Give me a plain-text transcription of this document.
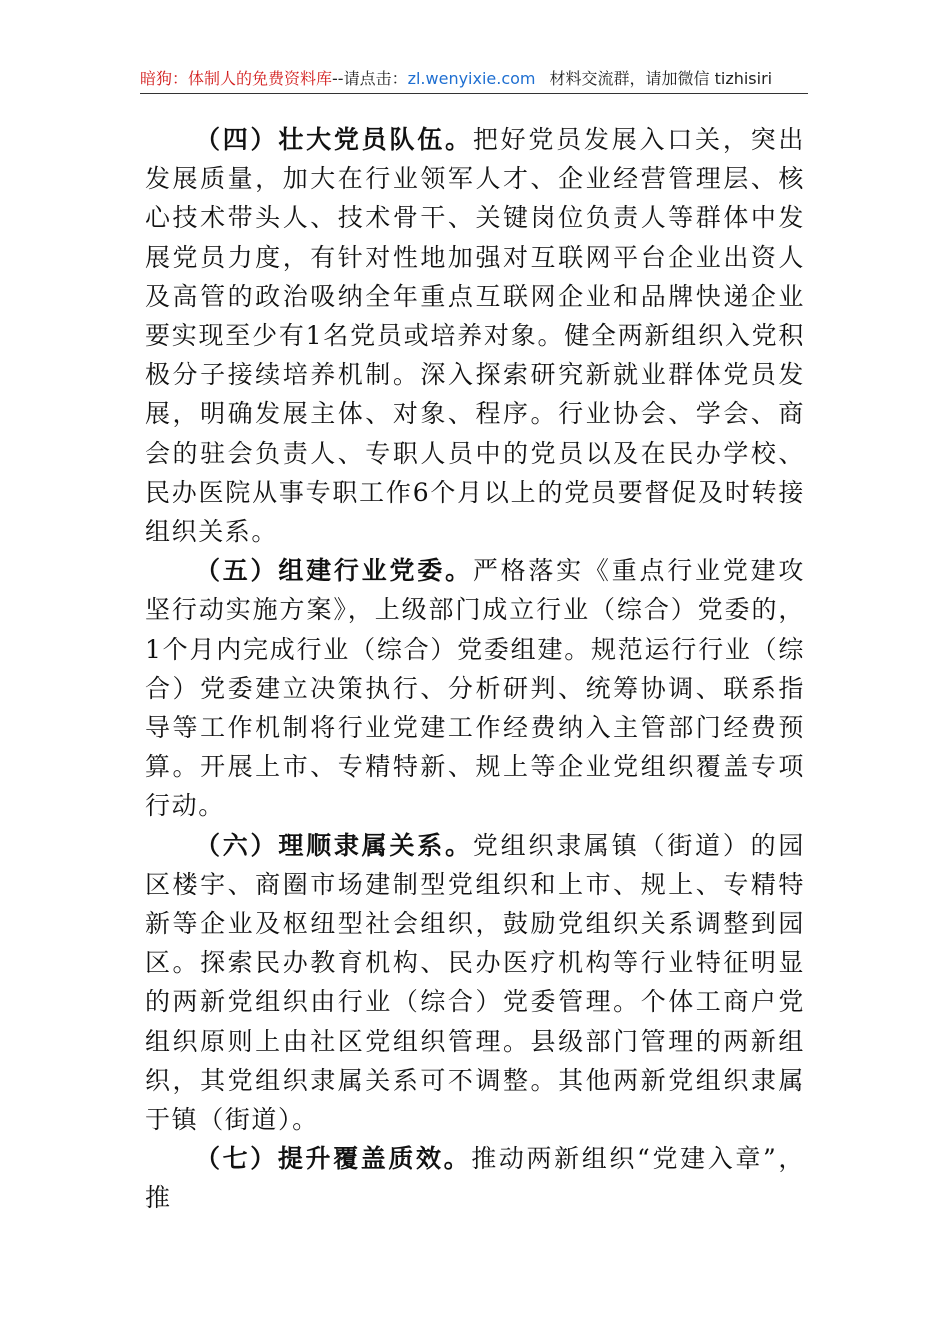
暗狗：体制人的免费资料库--请点击：zl.wenyixie.com 材料交流群，请加微信 tizhisiri

（四）壮大党员队伍。把好党员发展入口关，突出发展质量，加大在行业领军人才、企业经营管理层、核心技术带头人、技术骨干、关键岗位负责人等群体中发展党员力度，有针对性地加强对互联网平台企业出资人及高管的政治吸纳全年重点互联网企业和品牌快递企业要实现至少有1名党员或培养对象。健全两新组织入党积极分子接续培养机制。深入探索研究新就业群体党员发展，明确发展主体、对象、程序。行业协会、学会、商会的驻会负责人、专职人员中的党员以及在民办学校、民办医院从事专职工作6个月以上的党员要督促及时转接组织关系。

（五）组建行业党委。严格落实《重点行业党建攻坚行动实施方案》，上级部门成立行业（综合）党委的，1个月内完成行业（综合）党委组建。规范运行行业（综合）党委建立决策执行、分析研判、统筹协调、联系指导等工作机制将行业党建工作经费纳入主管部门经费预算。开展上市、专精特新、规上等企业党组织覆盖专项行动。

（六）理顺隶属关系。党组织隶属镇（街道）的园区楼宇、商圈市场建制型党组织和上市、规上、专精特新等企业及枢纽型社会组织，鼓励党组织关系调整到园区。探索民办教育机构、民办医疗机构等行业特征明显的两新党组织由行业（综合）党委管理。个体工商户党组织原则上由社区党组织管理。县级部门管理的两新组织，其党组织隶属关系可不调整。其他两新党组织隶属于镇（街道）。

（七）提升覆盖质效。推动两新组织“党建入章”，推
